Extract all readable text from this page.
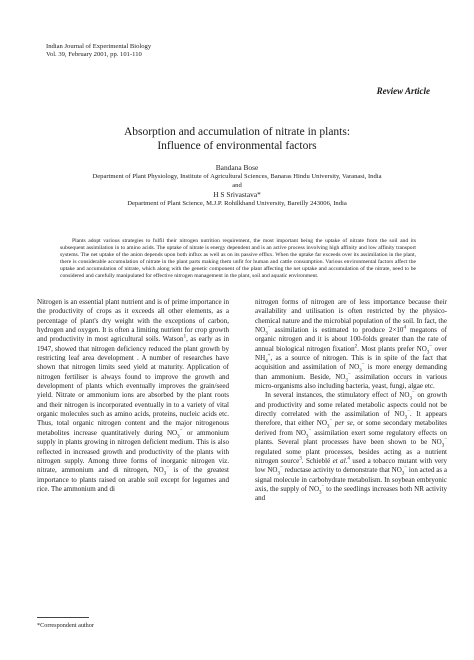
Indian Journal of Experimental Biology
Vol. 39, February 2001, pp. 101-110
Review Article
Absorption and accumulation of nitrate in plants:
Influence of environmental factors
Bandana Bose
Department of Plant Physiology, Institute of Agricultural Sciences, Banaras Hindu University, Varanasi, India
and
H S Srivastava*
Department of Plant Science, M.J.P. Rohilkhand University, Bareilly 243006, India
Plants adopt various strategies to fulfil their nitrogen nutrition requirement, the most important being the uptake of nitrate from the soil and its subsequent assimilation in to amino acids. The uptake of nitrate is energy dependent and is an active process involving high affinity and low affinity transport systems. The net uptake of the anion depends upon both influx as well as on its passive efflux. When the uptake far exceeds over its assimilation in the plant, there is considerable accumulation of nitrate in the plant parts making them unfit for human and cattle consumption. Various environmental factors affect the uptake and accumulation of nitrate, which along with the genetic component of the plant affecting the net uptake and accumulation of the nitrate, need to be considered and carefully manipulated for effective nitrogen management in the plant, soil and aquatic environment.

Nitrogen is an essential plant nutrient and is of prime importance in the productivity of crops as it exceeds all other elements, as a percentage of plant's dry weight with the exceptions of carbon, hydrogen and oxygen. It is often a limiting nutrient for crop growth and productivity in most agricultural soils. Watson$^1$, as early as in 1947, showed that nitrogen deficiency reduced the plant growth by restricting leaf area development . A number of researches have shown that nitrogen limits seed yield at maturity. Application of nitrogen fertiliser is always found to improve the growth and development of plants which eventually improves the grain/seed yield. Nitrate or ammonium ions are absorbed by the plant roots and their nitrogen is incorporated eventually in to a variety of vital organic molecules such as amino acids, proteins, nucleic acids etc. Thus, total organic nitrogen content and the major nitrogenous metabolites increase quantitatively during $NO_3^-$ or ammonium supply in plants growing in nitrogen deficient medium. This is also reflected in increased growth and productivity of the plants with nitrogen supply. Among three forms of inorganic nitrogen viz. nitrate, ammonium and di nitrogen, $NO_3^-$ is of the greatest importance to plants raised on arable soil except for legumes and rice. The ammonium and di

nitrogen forms of nitrogen are of less importance because their availability and utilisation is often restricted by the physico-chemical nature and the microbial population of the soil. In fact, the $NO_3^-$ assimilation is estimated to produce $2\times 10^4$ megatons of organic nitrogen and it is about 100-folds greater than the rate of annual biological nitrogen fixation$^2$. Most plants prefer $NO_3^-$ over $NH_4^+$, as a source of nitrogen. This is in spite of the fact that acquisition and assimilation of $NO_3^-$ is more energy demanding than ammonium. Beside, $NO_3^-$ assimilation occurs in various micro-organisms also including bacteria, yeast, fungi, algae etc.

In several instances, the stimulatory effect of $NO_3^-$ on growth and productivity and some related metabolic aspects could not be directly correlated with the assimilation of $NO_3^-$. It appears therefore, that either $NO_3^-$ per se, or some secondary metabolites derived from $NO_3^-$ assimilation exert some regulatory effects on plants. Several plant processes have been shown to be $NO_3^-$ regulated some plant processes, besides acting as a nutrient nitrogen source$^3$. Schieblé et al.$^4$ used a tobacco mutant with very low $NO_3^-$ reductase activity to demonstrate that $NO_3^-$ ion acted as a signal molecule in carbohydrate metabolism. In soybean embryonic axis, the supply of $NO_3^-$ to the seedlings increases both NR activity and

*Correspondent author
